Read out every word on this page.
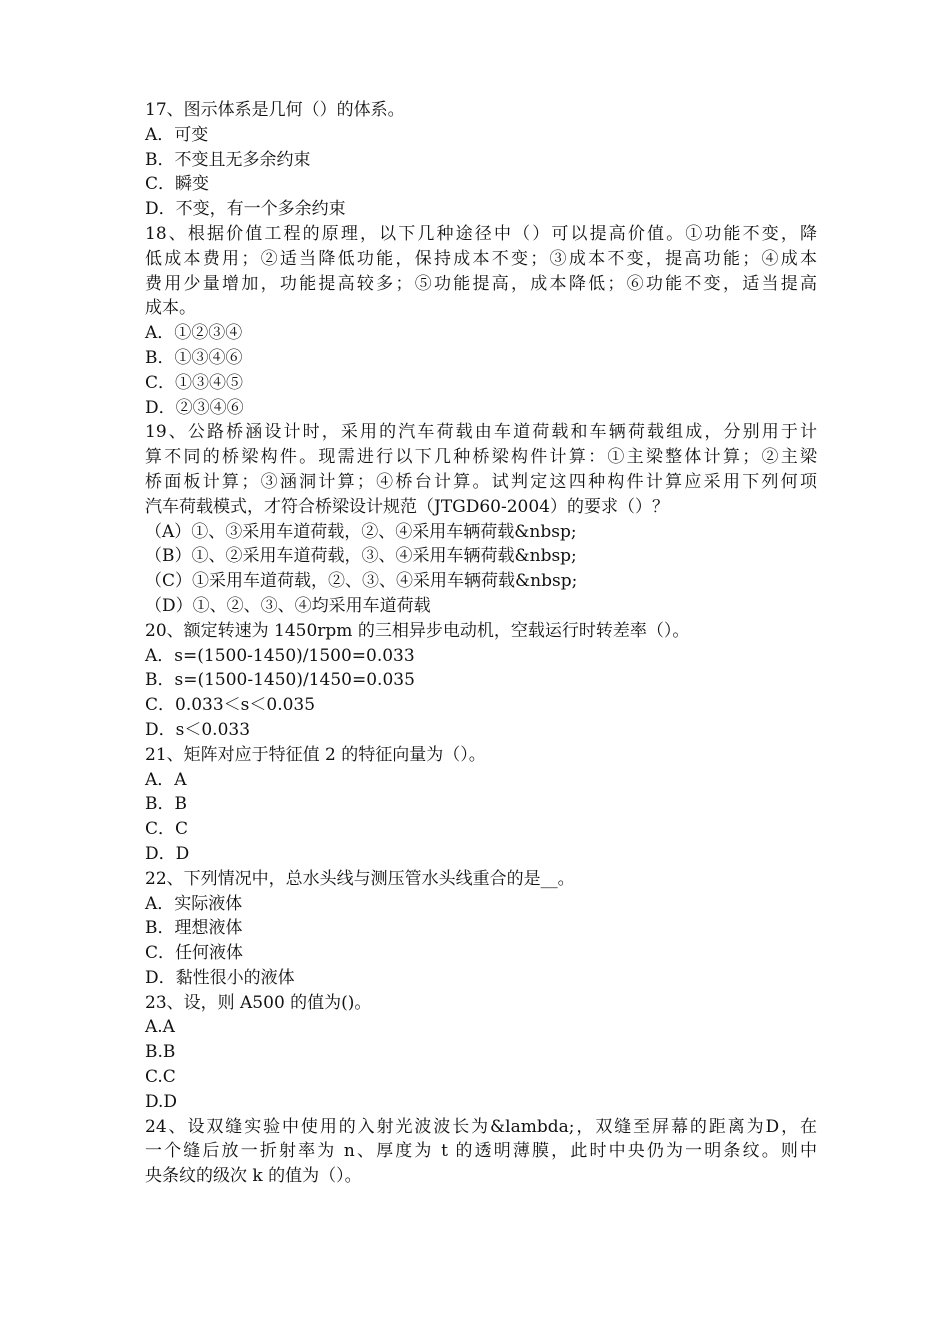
17、图示体系是几何（）的体系。
A．可变
B．不变且无多余约束
C．瞬变
D．不变，有一个多余约束
18、根据价值工程的原理，以下几种途径中（）可以提高价值。①功能不变，降
低成本费用；②适当降低功能，保持成本不变；③成本不变，提高功能；④成本
费用少量增加，功能提高较多；⑤功能提高，成本降低；⑥功能不变，适当提高
成本。
A．①②③④
B．①③④⑥
C．①③④⑤
D．②③④⑥
19、公路桥涵设计时，采用的汽车荷载由车道荷载和车辆荷载组成，分别用于计
算不同的桥梁构件。现需进行以下几种桥梁构件计算：①主梁整体计算；②主梁
桥面板计算；③涵洞计算；④桥台计算。试判定这四种构件计算应采用下列何项
汽车荷载模式，才符合桥梁设计规范（JTGD60-2004）的要求（）？
（A）①、③采用车道荷载，②、④采用车辆荷载&nbsp;
（B）①、②采用车道荷载，③、④采用车辆荷载&nbsp;
（C）①采用车道荷载，②、③、④采用车辆荷载&nbsp;
（D）①、②、③、④均采用车道荷载
20、额定转速为 1450rpm 的三相异步电动机，空载运行时转差率（）。
A．s=(1500-1450)/1500=0.033
B．s=(1500-1450)/1450=0.035
C．0.033＜s＜0.035
D．s＜0.033
21、矩阵对应于特征值 2 的特征向量为（）。
A．A
B．B
C．C
D．D
22、下列情况中，总水头线与测压管水头线重合的是__。
A．实际液体
B．理想液体
C．任何液体
D．黏性很小的液体
23、设，则 A500 的值为()。
A.A
B.B
C.C
D.D
24、设双缝实验中使用的入射光波波长为&lambda;，双缝至屏幕的距离为D，在
一个缝后放一折射率为 n、厚度为 t 的透明薄膜，此时中央仍为一明条纹。则中
央条纹的级次 k 的值为（）。
